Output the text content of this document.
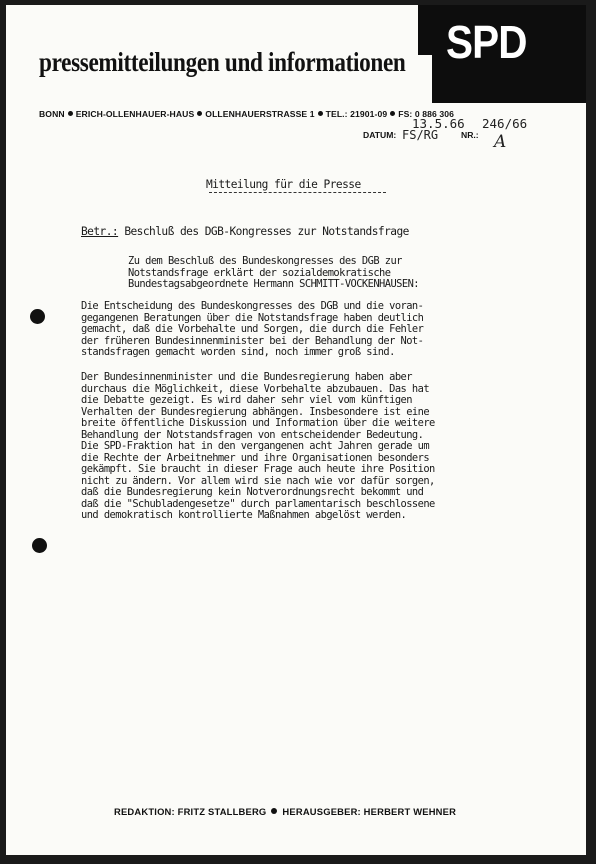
SPD
pressemitteilungen und informationen
BONN ERICH-OLLENHAUER-HAUS OLLENHAUERSTRASSE 1 TEL.: 21901-09 FS: 0 886 306
13.5.66 246/66
DATUM: FS/RG	NR.: A
Mitteilung für die Presse
Betr.: Beschluß des DGB-Kongresses zur Notstandsfrage
Zu dem Beschluß des Bundeskongresses des DGB zur
Notstandsfrage erklärt der sozialdemokratische
Bundestagsabgeordnete Hermann SCHMITT-VOCKENHAUSEN:
Die Entscheidung des Bundeskongresses des DGB und die voran-
gegangenen Beratungen über die Notstandsfrage haben deutlich
gemacht, daß die Vorbehalte und Sorgen, die durch die Fehler
der früheren Bundesinnenminister bei der Behandlung der Not-
standsfragen gemacht worden sind, noch immer groß sind.
Der Bundesinnenminister und die Bundesregierung haben aber
durchaus die Möglichkeit, diese Vorbehalte abzubauen. Das hat
die Debatte gezeigt. Es wird daher sehr viel vom künftigen
Verhalten der Bundesregierung abhängen. Insbesondere ist eine
breite öffentliche Diskussion und Information über die weitere
Behandlung der Notstandsfragen von entscheidender Bedeutung.
Die SPD-Fraktion hat in den vergangenen acht Jahren gerade um
die Rechte der Arbeitnehmer und ihre Organisationen besonders
gekämpft. Sie braucht in dieser Frage auch heute ihre Position
nicht zu ändern. Vor allem wird sie nach wie vor dafür sorgen,
daß die Bundesregierung kein Notverordnungsrecht bekommt und
daß die "Schubladengesetze" durch parlamentarisch beschlossene
und demokratisch kontrollierte Maßnahmen abgelöst werden.
REDAKTION: FRITZ STALLBERG HERAUSGEBER: HERBERT WEHNER
